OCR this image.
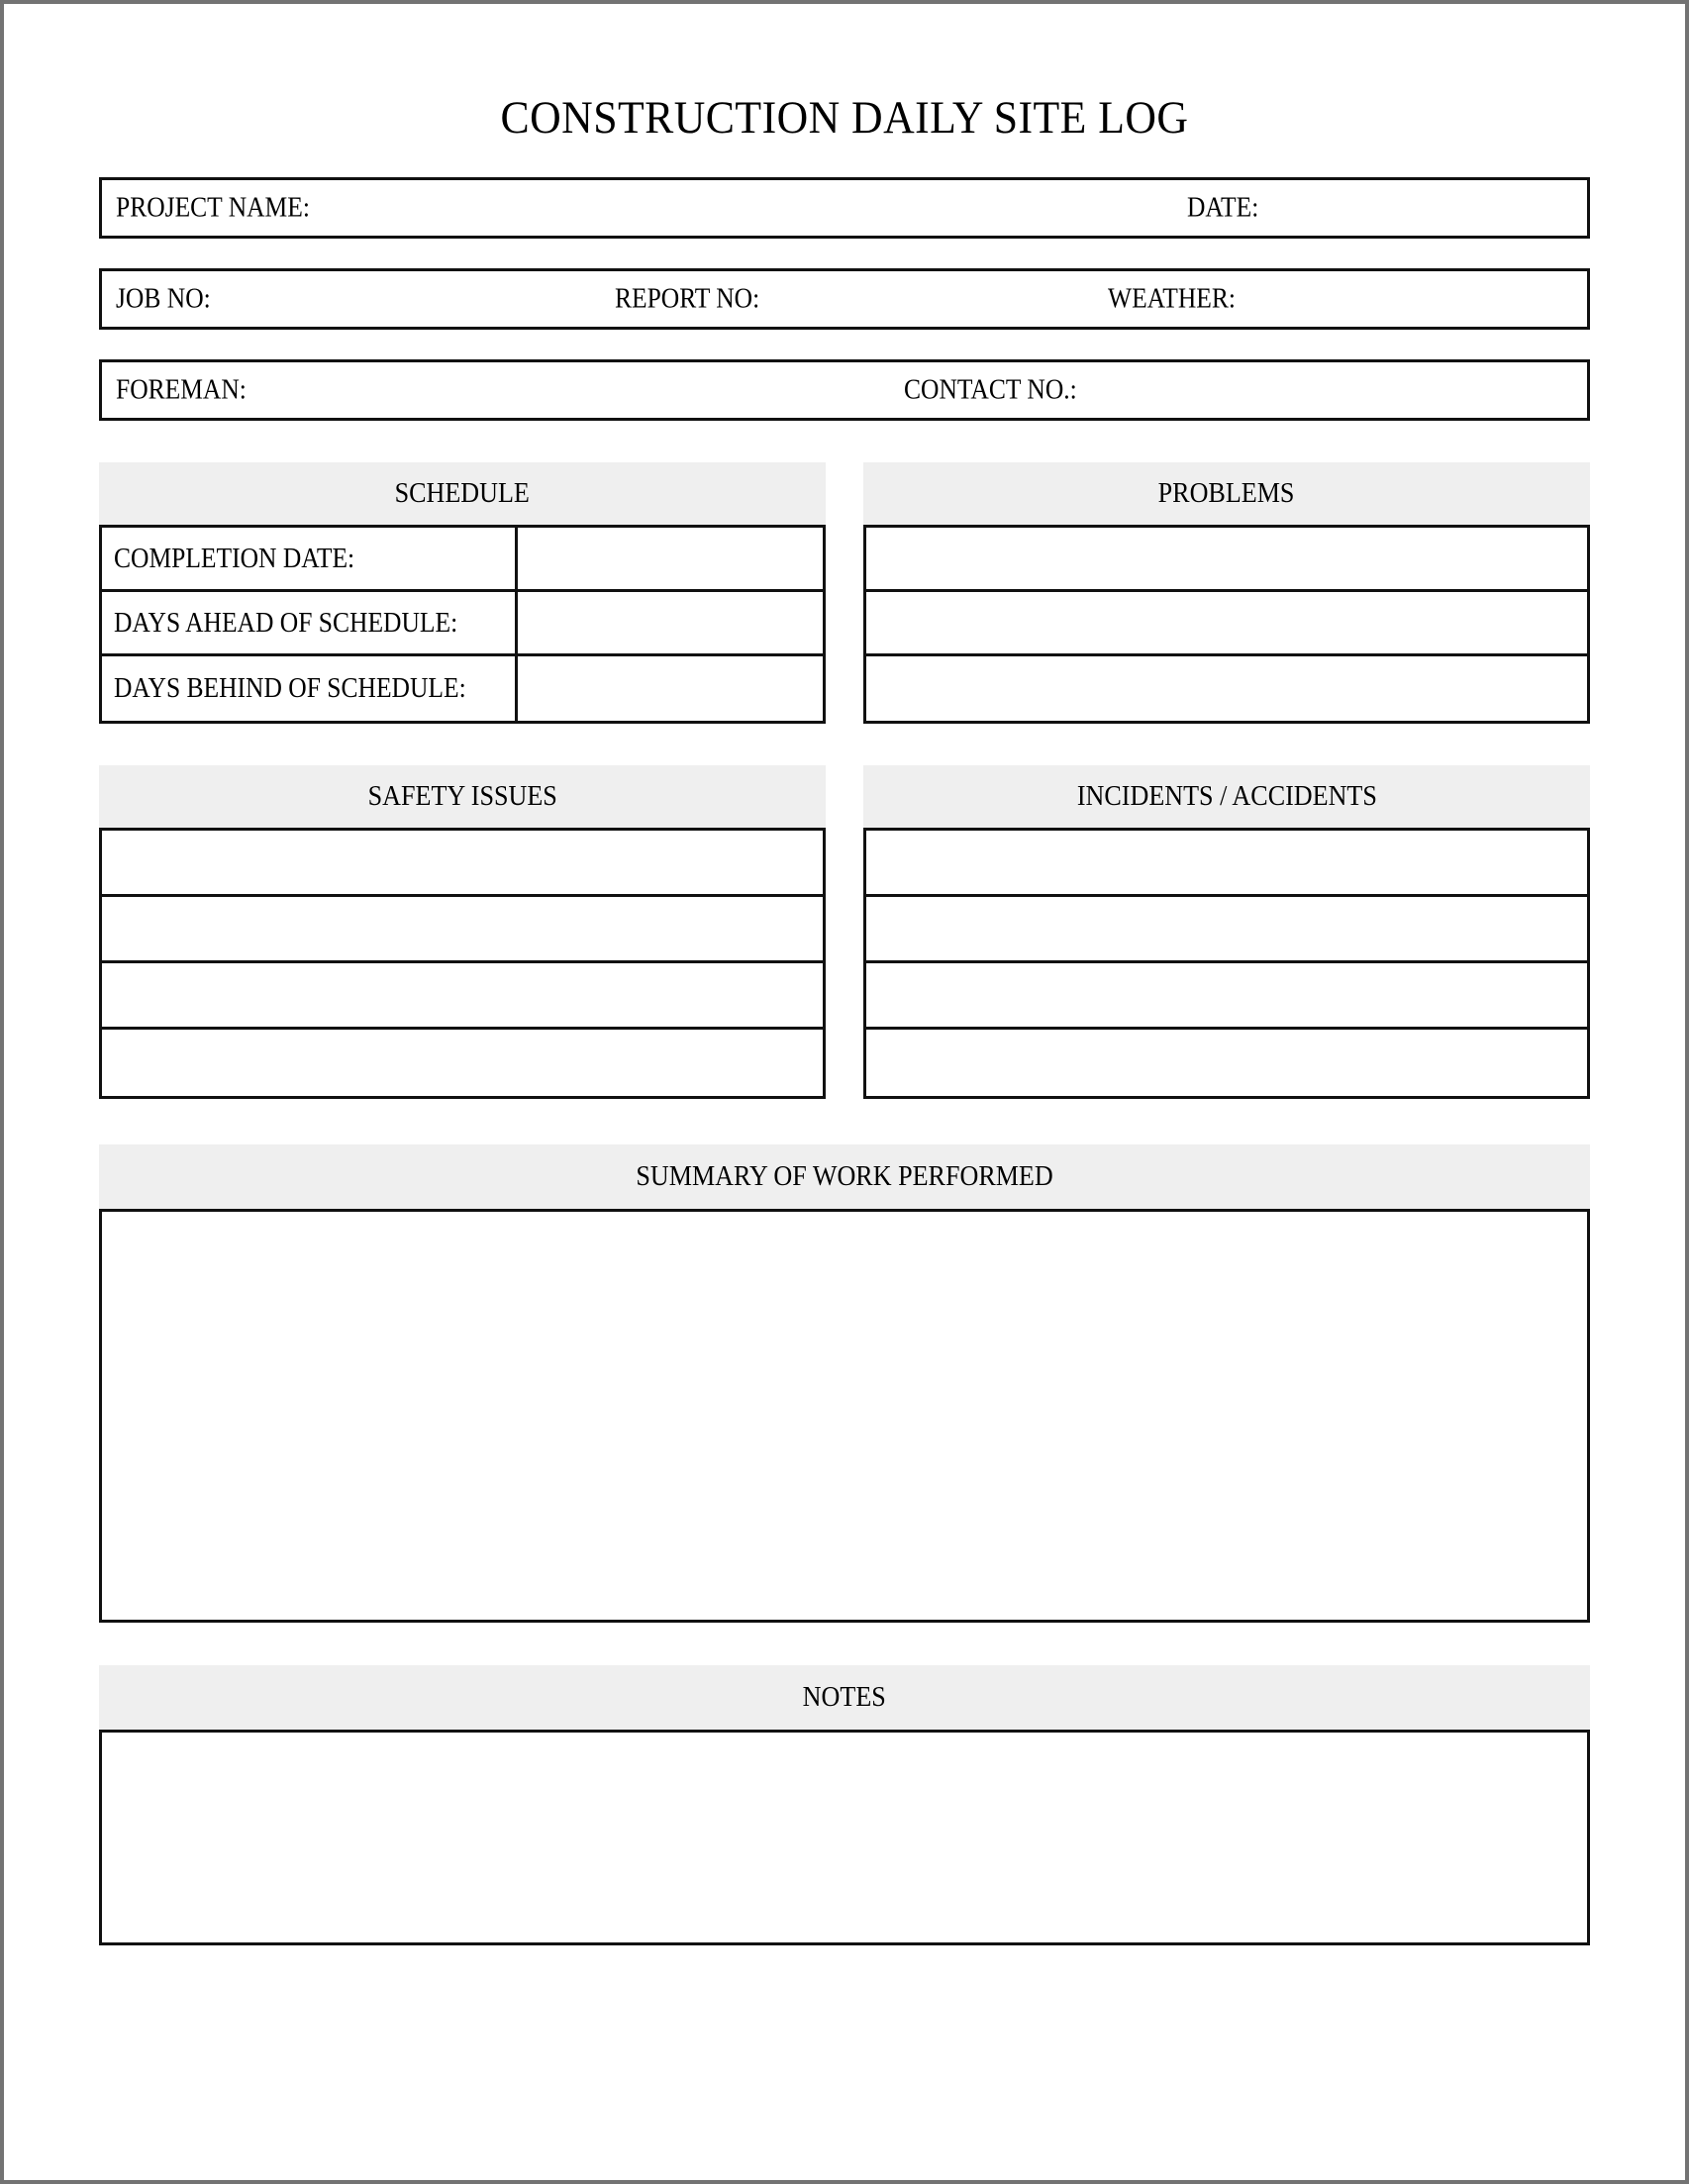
CONSTRUCTION DAILY SITE LOG
PROJECT NAME:	DATE:
JOB NO:	REPORT NO:	WEATHER:
FOREMAN:	CONTACT NO.:
SCHEDULE
COMPLETION DATE:
DAYS AHEAD OF SCHEDULE:
DAYS BEHIND OF SCHEDULE:
PROBLEMS
SAFETY ISSUES	INCIDENTS / ACCIDENTS
SUMMARY OF WORK PERFORMED
NOTES
